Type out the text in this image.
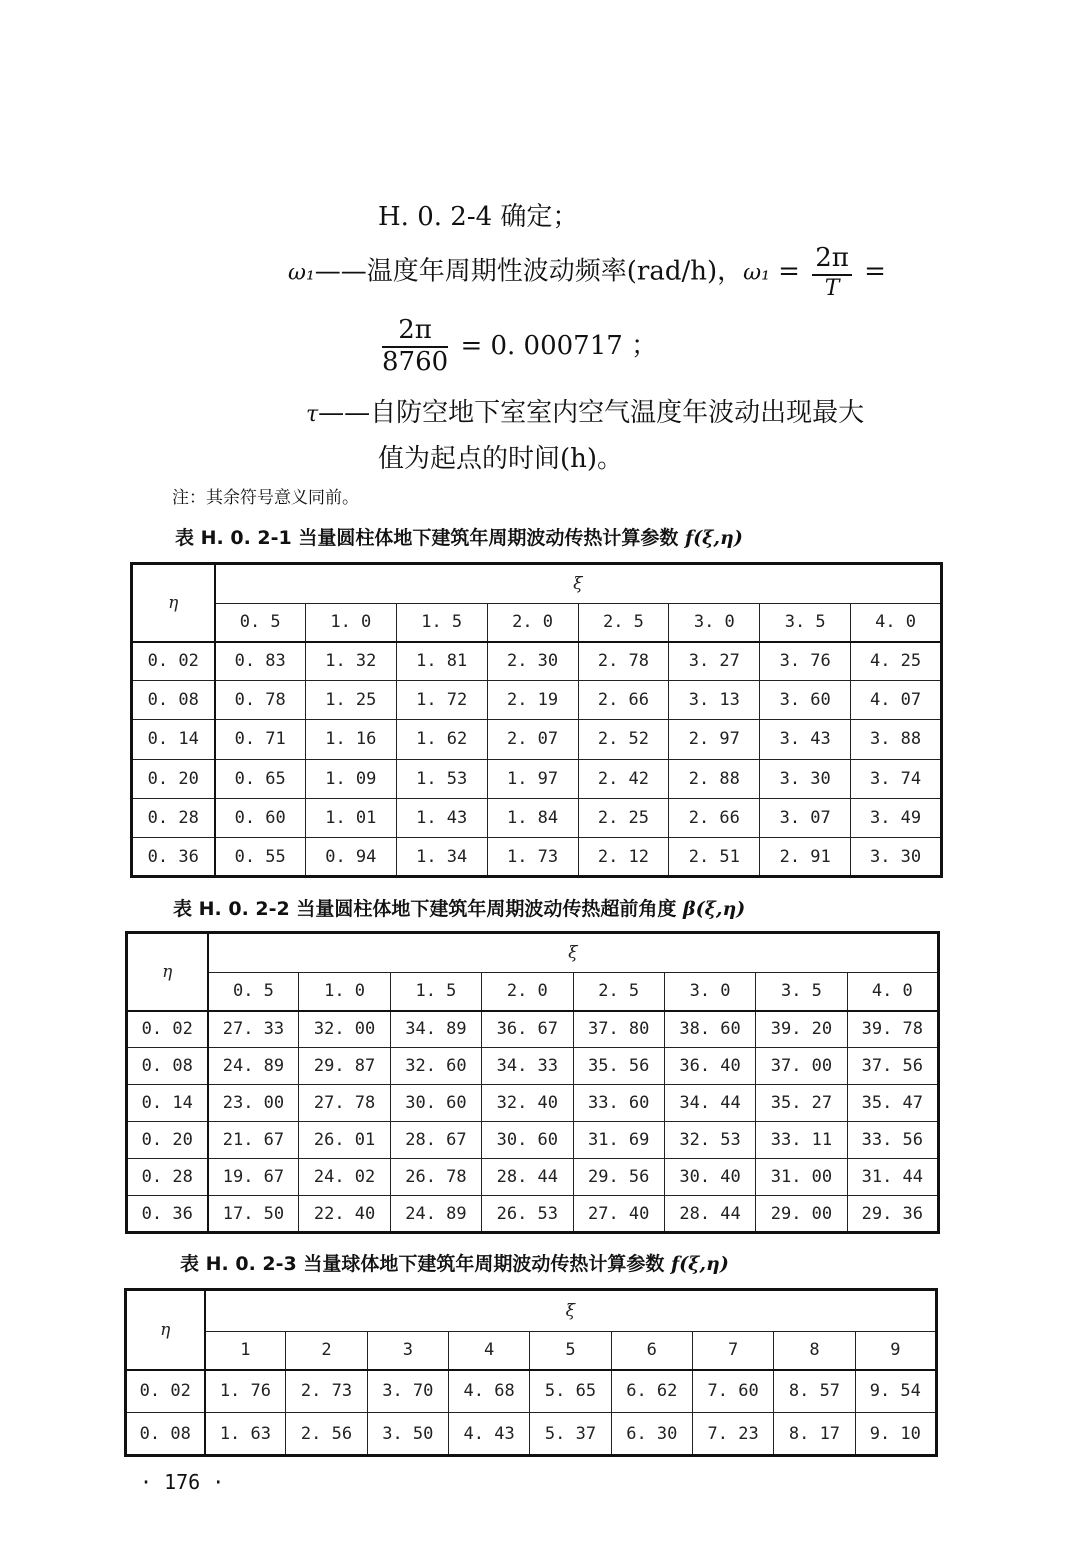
H. 0. 2-4 确定；
ω₁——温度年周期性波动频率(rad/h)，$\omega_1 = \frac{2\pi}{T}$ =
$\frac{2\pi}{8760} = 0$. 000717 ；
τ——自防空地下室室内空气温度年波动出现最大
值为起点的时间(h)。
注：其余符号意义同前。
表 H. 0. 2-1 当量圆柱体地下建筑年周期波动传热计算参数 f(ξ,η)
η	ξ							
	0. 5	1. 0	1. 5	2. 0	2. 5	3. 0	3. 5	4. 0
0. 02	0. 83	1. 32	1. 81	2. 30	2. 78	3. 27	3. 76	4. 25
0. 08	0. 78	1. 25	1. 72	2. 19	2. 66	3. 13	3. 60	4. 07
0. 14	0. 71	1. 16	1. 62	2. 07	2. 52	2. 97	3. 43	3. 88
0. 20	0. 65	1. 09	1. 53	1. 97	2. 42	2. 88	3. 30	3. 74
0. 28	0. 60	1. 01	1. 43	1. 84	2. 25	2. 66	3. 07	3. 49
0. 36	0. 55	0. 94	1. 34	1. 73	2. 12	2. 51	2. 91	3. 30
表 H. 0. 2-2 当量圆柱体地下建筑年周期波动传热超前角度 β(ξ,η)
η	ξ							
	0. 5	1. 0	1. 5	2. 0	2. 5	3. 0	3. 5	4. 0
0. 02	27. 33	32. 00	34. 89	36. 67	37. 80	38. 60	39. 20	39. 78
0. 08	24. 89	29. 87	32. 60	34. 33	35. 56	36. 40	37. 00	37. 56
0. 14	23. 00	27. 78	30. 60	32. 40	33. 60	34. 44	35. 27	35. 47
0. 20	21. 67	26. 01	28. 67	30. 60	31. 69	32. 53	33. 11	33. 56
0. 28	19. 67	24. 02	26. 78	28. 44	29. 56	30. 40	31. 00	31. 44
0. 36	17. 50	22. 40	24. 89	26. 53	27. 40	28. 44	29. 00	29. 36
表 H. 0. 2-3 当量球体地下建筑年周期波动传热计算参数 f(ξ,η)
η	ξ								
	1	2	3	4	5	6	7	8	9
0. 02	1. 76	2. 73	3. 70	4. 68	5. 65	6. 62	7. 60	8. 57	9. 54
0. 08	1. 63	2. 56	3. 50	4. 43	5. 37	6. 30	7. 23	8. 17	9. 10
· 176 ·
